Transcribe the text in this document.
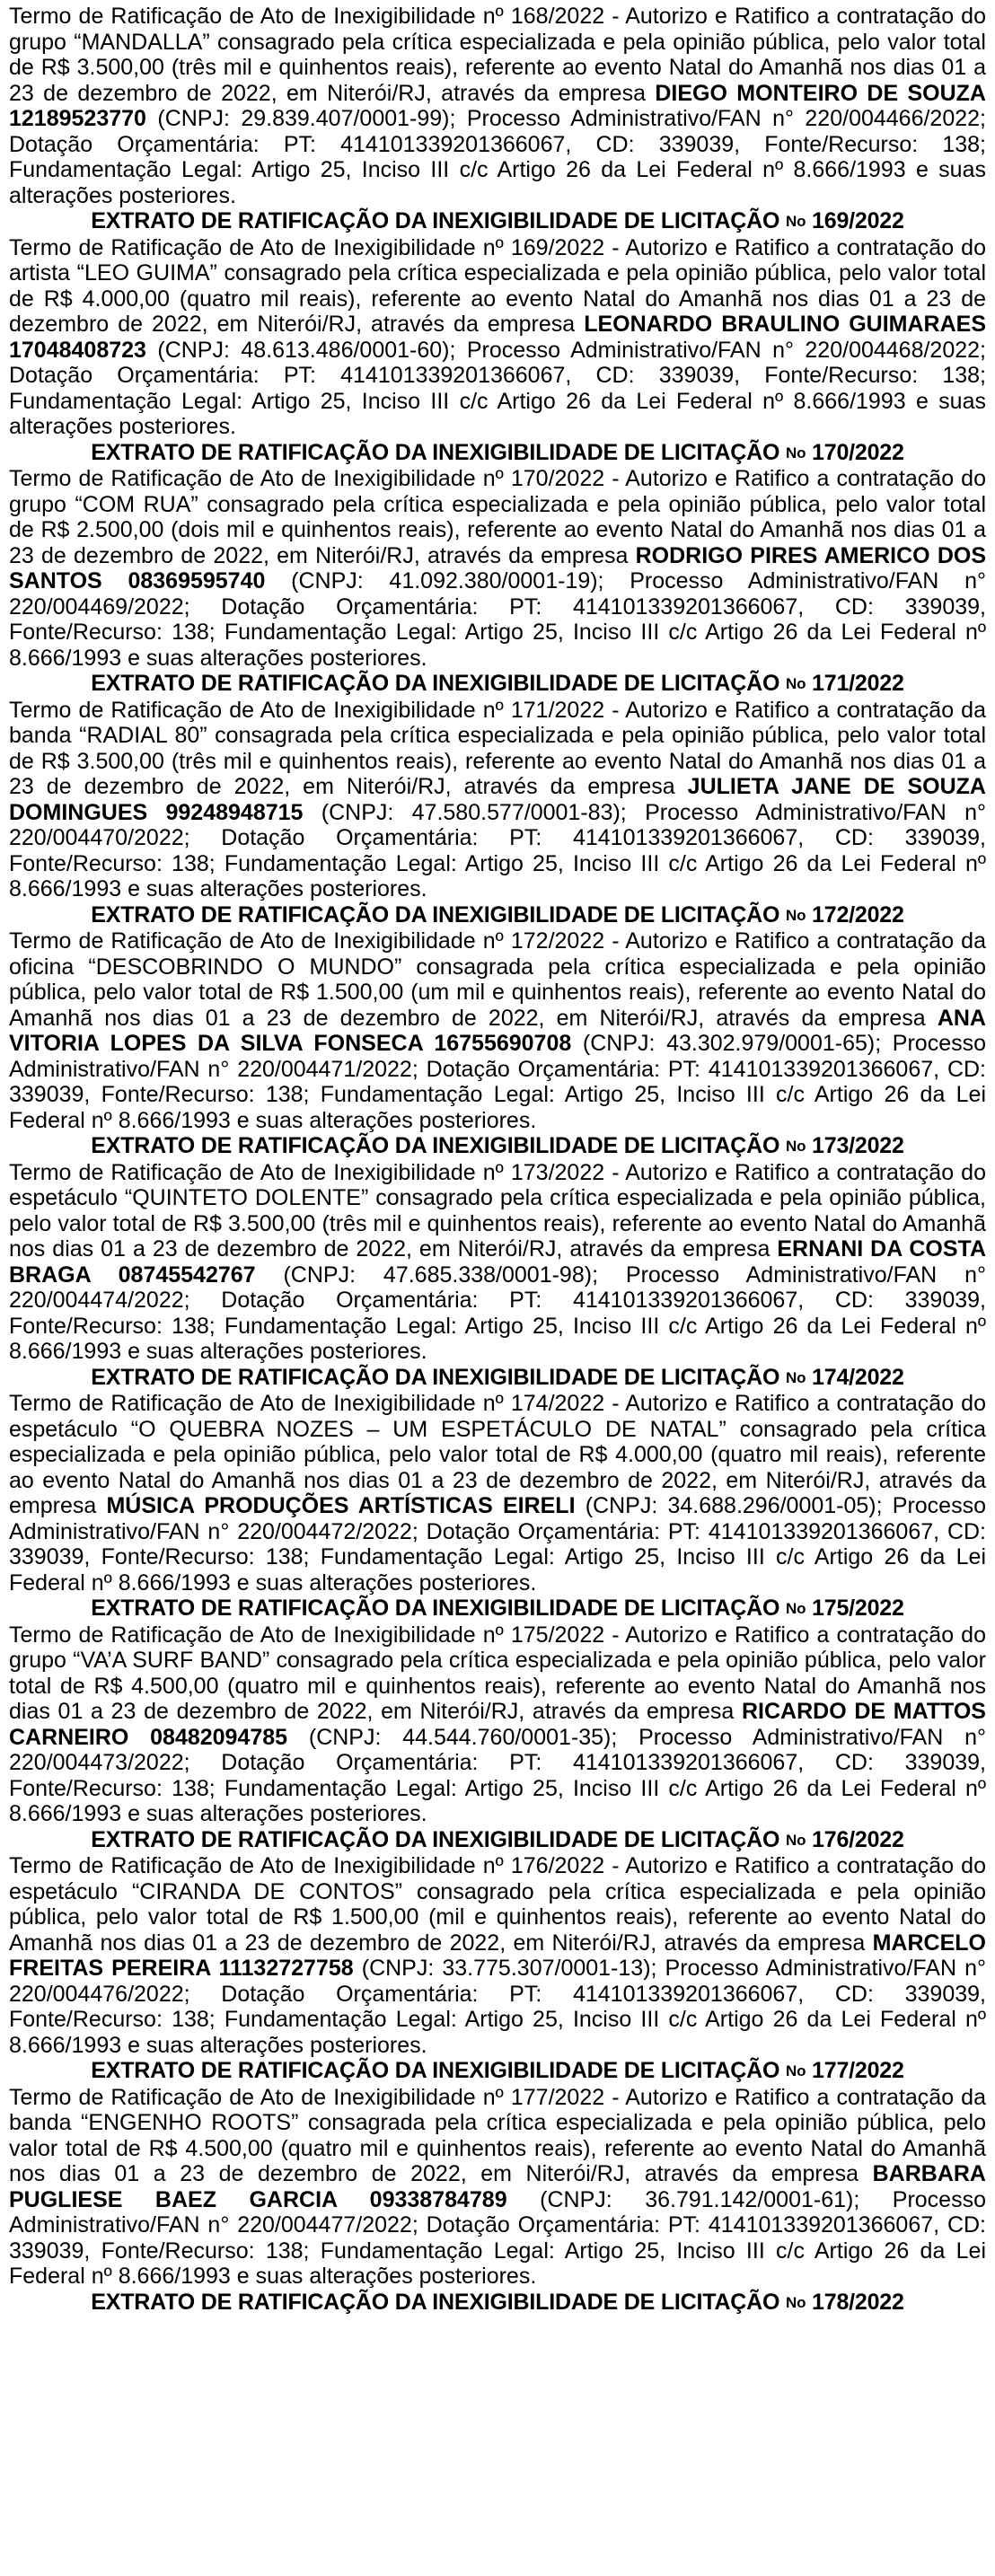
Termo de Ratificação de Ato de Inexigibilidade nº 168/2022 - Autorizo e Ratifico a contratação do grupo “MANDALLA” consagrado pela crítica especializada e pela opinião pública, pelo valor total de R$ 3.500,00 (três mil e quinhentos reais), referente ao evento Natal do Amanhã nos dias 01 a 23 de dezembro de 2022, em Niterói/RJ, através da empresa DIEGO MONTEIRO DE SOUZA 12189523770 (CNPJ: 29.839.407/0001-99); Processo Administrativo/FAN n° 220/004466/2022; Dotação Orçamentária: PT: 414101339201366067, CD: 339039, Fonte/Recurso: 138; Fundamentação Legal: Artigo 25, Inciso III c/c Artigo 26 da Lei Federal nº 8.666/1993 e suas alterações posteriores.
EXTRATO DE RATIFICAÇÃO DA INEXIGIBILIDADE DE LICITAÇÃO No 169/2022
Termo de Ratificação de Ato de Inexigibilidade nº 169/2022 - Autorizo e Ratifico a contratação do artista “LEO GUIMA” consagrado pela crítica especializada e pela opinião pública, pelo valor total de R$ 4.000,00 (quatro mil reais), referente ao evento Natal do Amanhã nos dias 01 a 23 de dezembro de 2022, em Niterói/RJ, através da empresa LEONARDO BRAULINO GUIMARAES 17048408723 (CNPJ: 48.613.486/0001-60); Processo Administrativo/FAN n° 220/004468/2022; Dotação Orçamentária: PT: 414101339201366067, CD: 339039, Fonte/Recurso: 138; Fundamentação Legal: Artigo 25, Inciso III c/c Artigo 26 da Lei Federal nº 8.666/1993 e suas alterações posteriores.
EXTRATO DE RATIFICAÇÃO DA INEXIGIBILIDADE DE LICITAÇÃO No 170/2022
Termo de Ratificação de Ato de Inexigibilidade nº 170/2022 - Autorizo e Ratifico a contratação do grupo “COM RUA” consagrado pela crítica especializada e pela opinião pública, pelo valor total de R$ 2.500,00 (dois mil e quinhentos reais), referente ao evento Natal do Amanhã nos dias 01 a 23 de dezembro de 2022, em Niterói/RJ, através da empresa RODRIGO PIRES AMERICO DOS SANTOS 08369595740 (CNPJ: 41.092.380/0001-19); Processo Administrativo/FAN n° 220/004469/2022; Dotação Orçamentária: PT: 414101339201366067, CD: 339039, Fonte/Recurso: 138; Fundamentação Legal: Artigo 25, Inciso III c/c Artigo 26 da Lei Federal nº 8.666/1993 e suas alterações posteriores.
EXTRATO DE RATIFICAÇÃO DA INEXIGIBILIDADE DE LICITAÇÃO No 171/2022
Termo de Ratificação de Ato de Inexigibilidade nº 171/2022 - Autorizo e Ratifico a contratação da banda “RADIAL 80” consagrada pela crítica especializada e pela opinião pública, pelo valor total de R$ 3.500,00 (três mil e quinhentos reais), referente ao evento Natal do Amanhã nos dias 01 a 23 de dezembro de 2022, em Niterói/RJ, através da empresa JULIETA JANE DE SOUZA DOMINGUES 99248948715 (CNPJ: 47.580.577/0001-83); Processo Administrativo/FAN n° 220/004470/2022; Dotação Orçamentária: PT: 414101339201366067, CD: 339039, Fonte/Recurso: 138; Fundamentação Legal: Artigo 25, Inciso III c/c Artigo 26 da Lei Federal nº 8.666/1993 e suas alterações posteriores.
EXTRATO DE RATIFICAÇÃO DA INEXIGIBILIDADE DE LICITAÇÃO No 172/2022
Termo de Ratificação de Ato de Inexigibilidade nº 172/2022 - Autorizo e Ratifico a contratação da oficina “DESCOBRINDO O MUNDO” consagrada pela crítica especializada e pela opinião pública, pelo valor total de R$ 1.500,00 (um mil e quinhentos reais), referente ao evento Natal do Amanhã nos dias 01 a 23 de dezembro de 2022, em Niterói/RJ, através da empresa ANA VITORIA LOPES DA SILVA FONSECA 16755690708 (CNPJ: 43.302.979/0001-65); Processo Administrativo/FAN n° 220/004471/2022; Dotação Orçamentária: PT: 414101339201366067, CD: 339039, Fonte/Recurso: 138; Fundamentação Legal: Artigo 25, Inciso III c/c Artigo 26 da Lei Federal nº 8.666/1993 e suas alterações posteriores.
EXTRATO DE RATIFICAÇÃO DA INEXIGIBILIDADE DE LICITAÇÃO No 173/2022
Termo de Ratificação de Ato de Inexigibilidade nº 173/2022 - Autorizo e Ratifico a contratação do espetáculo “QUINTETO DOLENTE” consagrado pela crítica especializada e pela opinião pública, pelo valor total de R$ 3.500,00 (três mil e quinhentos reais), referente ao evento Natal do Amanhã nos dias 01 a 23 de dezembro de 2022, em Niterói/RJ, através da empresa ERNANI DA COSTA BRAGA 08745542767 (CNPJ: 47.685.338/0001-98); Processo Administrativo/FAN n° 220/004474/2022; Dotação Orçamentária: PT: 414101339201366067, CD: 339039, Fonte/Recurso: 138; Fundamentação Legal: Artigo 25, Inciso III c/c Artigo 26 da Lei Federal nº 8.666/1993 e suas alterações posteriores.
EXTRATO DE RATIFICAÇÃO DA INEXIGIBILIDADE DE LICITAÇÃO No 174/2022
Termo de Ratificação de Ato de Inexigibilidade nº 174/2022 - Autorizo e Ratifico a contratação do espetáculo “O QUEBRA NOZES – UM ESPETÁCULO DE NATAL” consagrado pela crítica especializada e pela opinião pública, pelo valor total de R$ 4.000,00 (quatro mil reais), referente ao evento Natal do Amanhã nos dias 01 a 23 de dezembro de 2022, em Niterói/RJ, através da empresa MÚSICA PRODUÇÕES ARTÍSTICAS EIRELI (CNPJ: 34.688.296/0001-05); Processo Administrativo/FAN n° 220/004472/2022; Dotação Orçamentária: PT: 414101339201366067, CD: 339039, Fonte/Recurso: 138; Fundamentação Legal: Artigo 25, Inciso III c/c Artigo 26 da Lei Federal nº 8.666/1993 e suas alterações posteriores.
EXTRATO DE RATIFICAÇÃO DA INEXIGIBILIDADE DE LICITAÇÃO No 175/2022
Termo de Ratificação de Ato de Inexigibilidade nº 175/2022 - Autorizo e Ratifico a contratação do grupo “VA’A SURF BAND” consagrado pela crítica especializada e pela opinião pública, pelo valor total de R$ 4.500,00 (quatro mil e quinhentos reais), referente ao evento Natal do Amanhã nos dias 01 a 23 de dezembro de 2022, em Niterói/RJ, através da empresa RICARDO DE MATTOS CARNEIRO 08482094785 (CNPJ: 44.544.760/0001-35); Processo Administrativo/FAN n° 220/004473/2022; Dotação Orçamentária: PT: 414101339201366067, CD: 339039, Fonte/Recurso: 138; Fundamentação Legal: Artigo 25, Inciso III c/c Artigo 26 da Lei Federal nº 8.666/1993 e suas alterações posteriores.
EXTRATO DE RATIFICAÇÃO DA INEXIGIBILIDADE DE LICITAÇÃO No 176/2022
Termo de Ratificação de Ato de Inexigibilidade nº 176/2022 - Autorizo e Ratifico a contratação do espetáculo “CIRANDA DE CONTOS” consagrado pela crítica especializada e pela opinião pública, pelo valor total de R$ 1.500,00 (mil e quinhentos reais), referente ao evento Natal do Amanhã nos dias 01 a 23 de dezembro de 2022, em Niterói/RJ, através da empresa MARCELO FREITAS PEREIRA 11132727758 (CNPJ: 33.775.307/0001-13); Processo Administrativo/FAN n° 220/004476/2022; Dotação Orçamentária: PT: 414101339201366067, CD: 339039, Fonte/Recurso: 138; Fundamentação Legal: Artigo 25, Inciso III c/c Artigo 26 da Lei Federal nº 8.666/1993 e suas alterações posteriores.
EXTRATO DE RATIFICAÇÃO DA INEXIGIBILIDADE DE LICITAÇÃO No 177/2022
Termo de Ratificação de Ato de Inexigibilidade nº 177/2022 - Autorizo e Ratifico a contratação da banda “ENGENHO ROOTS” consagrada pela crítica especializada e pela opinião pública, pelo valor total de R$ 4.500,00 (quatro mil e quinhentos reais), referente ao evento Natal do Amanhã nos dias 01 a 23 de dezembro de 2022, em Niterói/RJ, através da empresa BARBARA PUGLIESE BAEZ GARCIA 09338784789 (CNPJ: 36.791.142/0001-61); Processo Administrativo/FAN n° 220/004477/2022; Dotação Orçamentária: PT: 414101339201366067, CD: 339039, Fonte/Recurso: 138; Fundamentação Legal: Artigo 25, Inciso III c/c Artigo 26 da Lei Federal nº 8.666/1993 e suas alterações posteriores.
EXTRATO DE RATIFICAÇÃO DA INEXIGIBILIDADE DE LICITAÇÃO No 178/2022
